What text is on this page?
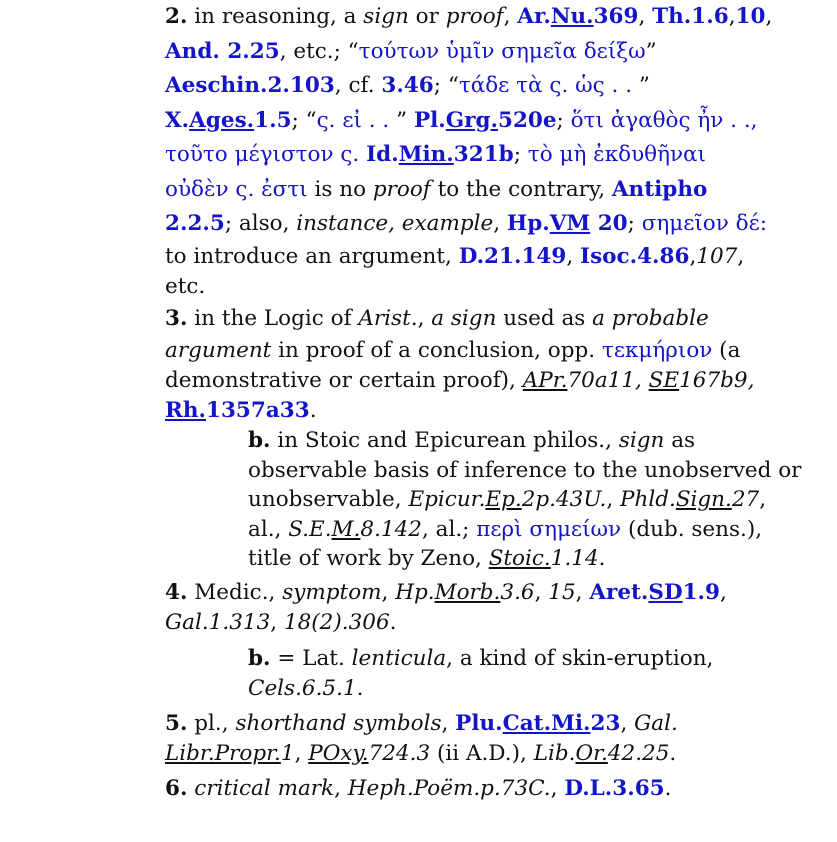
2. in reasoning, a sign or proof, Ar.Nu.369, Th.1.6,10,
And. 2.25, etc.; “τούτων ὑμῖν σημεῖα δείξω”
Aeschin.2.103, cf. 3.46; “τάδε τὰ ς. ὡς . . ”
X.Ages.1.5; “ς. εἰ . . ” Pl.Grg.520e; ὅτι ἀγαθὸς ἦν . .,
τοῦτο μέγιστον ς. Id.Min.321b; τὸ μὴ ἐκδυθῆναι
οὐδὲν ς. ἐστι is no proof to the contrary, Antipho
2.2.5; also, instance, example, Hp.VM 20; σημεῖον δέ:
to introduce an argument, D.21.149, Isoc.4.86,107,
etc.
3. in the Logic of Arist., a sign used as a probable
argument in proof of a conclusion, opp. τεκμήριον (a
demonstrative or certain proof), APr.70a11, SE167b9,
Rh.1357a33.
b. in Stoic and Epicurean philos., sign as
observable basis of inference to the unobserved or
unobservable, Epicur.Ep.2p.43U., Phld.Sign.27,
al., S.E.M.8.142, al.; περὶ σημείων (dub. sens.),
title of work by Zeno, Stoic.1.14.
4. Medic., symptom, Hp.Morb.3.6, 15, Aret.SD1.9,
Gal.1.313, 18(2).306.
b. = Lat. lenticula, a kind of skin-eruption,
Cels.6.5.1.
5. pl., shorthand symbols, Plu.Cat.Mi.23, Gal.
Libr.Propr.1, POxy.724.3 (ii A.D.), Lib.Or.42.25.
6. critical mark, Heph.Poëm.p.73C., D.L.3.65.
